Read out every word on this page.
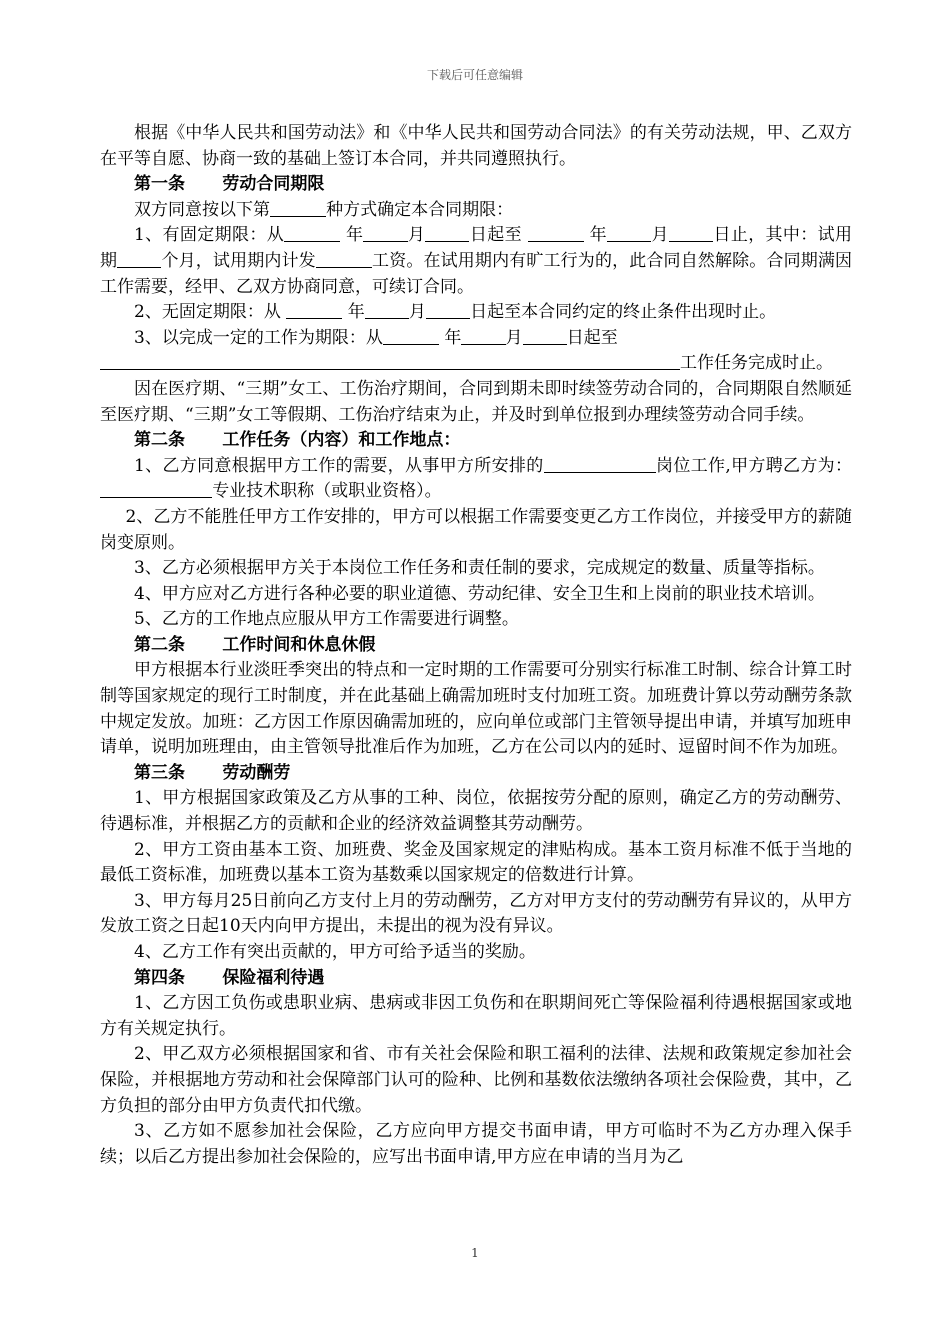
下载后可任意编辑

根据《中华人民共和国劳动法》和《中华人民共和国劳动合同法》的有关劳动法规，甲、乙双方在平等自愿、协商一致的基础上签订本合同，并共同遵照执行。

第一条 劳动合同期限

双方同意按以下第	种方式确定本合同期限：

1、有固定期限：从	年	月	日起至	年	月	日止，其中：试用期	个月，试用期内计发	工资。在试用期内有旷工行为的，此合同自然解除。合同期满因工作需要，经甲、乙双方协商同意，可续订合同。

2、无固定期限：从	年	月	日起至本合同约定的终止条件出现时止。

3、以完成一定的工作为期限：从	年	月	日起至
工作任务完成时止。

因在医疗期、“三期”女工、工伤治疗期间，合同到期未即时续签劳动合同的，合同期限自然顺延至医疗期、“三期”女工等假期、工伤治疗结束为止，并及时到单位报到办理续签劳动合同手续。

第二条 工作任务（内容）和工作地点：

1、乙方同意根据甲方工作的需要，从事甲方所安排的	岗位工作,甲方聘乙方为：专业技术职称（或职业资格）。

2、乙方不能胜任甲方工作安排的，甲方可以根据工作需要变更乙方工作岗位，并接受甲方的薪随岗变原则。

3、乙方必须根据甲方关于本岗位工作任务和责任制的要求，完成规定的数量、质量等指标。

4、甲方应对乙方进行各种必要的职业道德、劳动纪律、安全卫生和上岗前的职业技术培训。

5、乙方的工作地点应服从甲方工作需要进行调整。

第二条 工作时间和休息休假

甲方根据本行业淡旺季突出的特点和一定时期的工作需要可分别实行标准工时制、综合计算工时制等国家规定的现行工时制度，并在此基础上确需加班时支付加班工资。加班费计算以劳动酬劳条款中规定发放。加班：乙方因工作原因确需加班的，应向单位或部门主管领导提出申请，并填写加班申请单，说明加班理由，由主管领导批准后作为加班，乙方在公司以内的延时、逗留时间不作为加班。

第三条 劳动酬劳

1、甲方根据国家政策及乙方从事的工种、岗位，依据按劳分配的原则，确定乙方的劳动酬劳、待遇标准，并根据乙方的贡献和企业的经济效益调整其劳动酬劳。

2、甲方工资由基本工资、加班费、奖金及国家规定的津贴构成。基本工资月标准不低于当地的最低工资标准，加班费以基本工资为基数乘以国家规定的倍数进行计算。

3、甲方每月25日前向乙方支付上月的劳动酬劳，乙方对甲方支付的劳动酬劳有异议的，从甲方发放工资之日起10天内向甲方提出，未提出的视为没有异议。

4、乙方工作有突出贡献的，甲方可给予适当的奖励。

第四条 保险福利待遇

1、乙方因工负伤或患职业病、患病或非因工负伤和在职期间死亡等保险福利待遇根据国家或地方有关规定执行。

2、甲乙双方必须根据国家和省、市有关社会保险和职工福利的法律、法规和政策规定参加社会保险，并根据地方劳动和社会保障部门认可的险种、比例和基数依法缴纳各项社会保险费，其中，乙方负担的部分由甲方负责代扣代缴。

3、乙方如不愿参加社会保险，乙方应向甲方提交书面申请，甲方可临时不为乙方办理入保手续；以后乙方提出参加社会保险的，应写出书面申请,甲方应在申请的当月为乙

1
